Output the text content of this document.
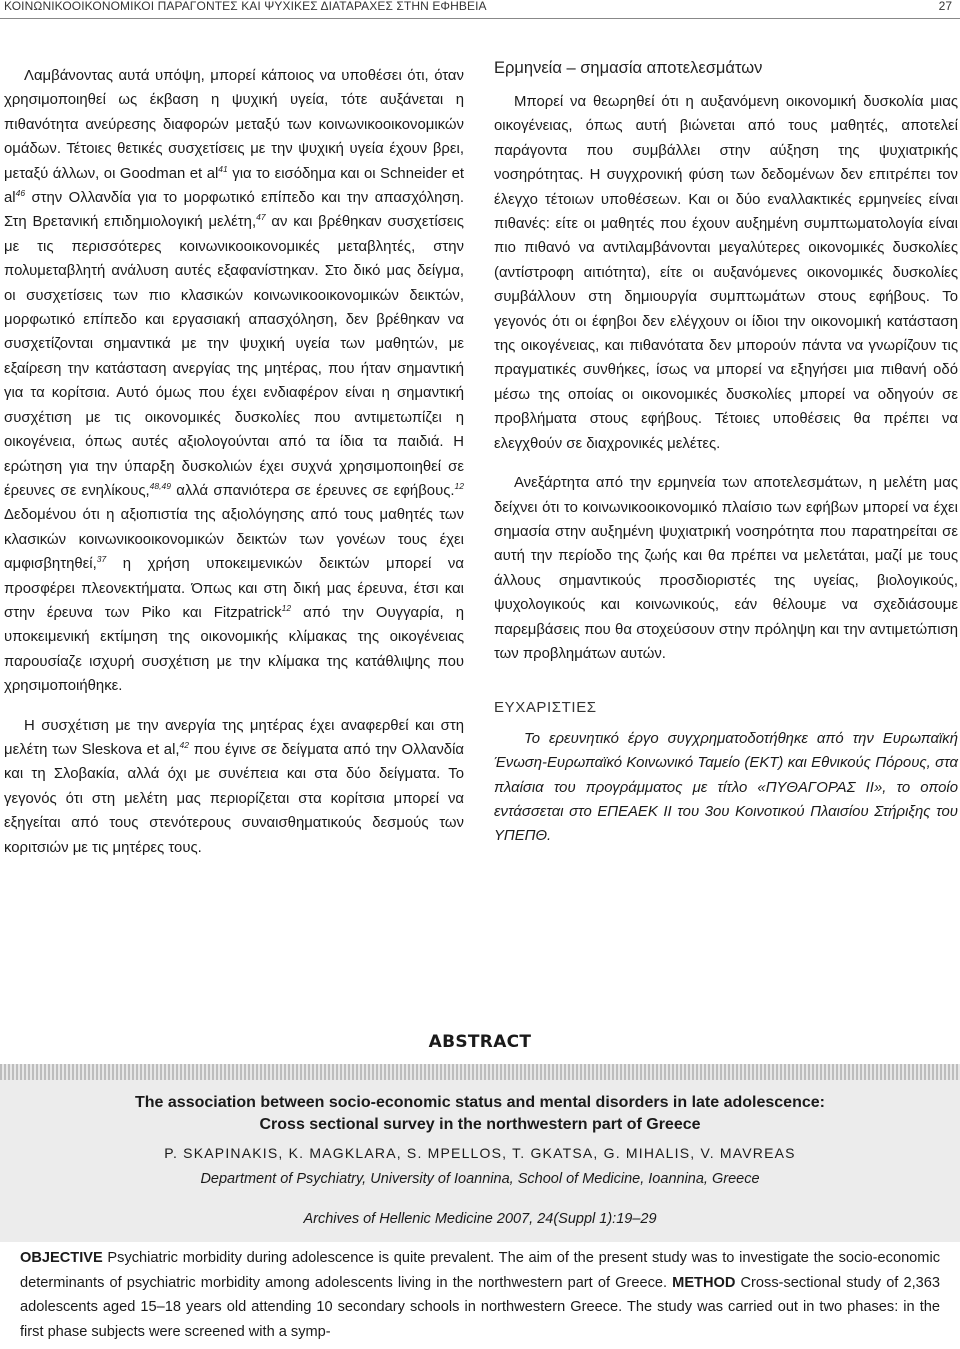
ΚΟΙΝΩΝΙΚΟΟΙΚΟΝΟΜΙΚΟΙ ΠΑΡΑΓΟΝΤΕΣ ΚΑΙ ΨΥΧΙΚΕΣ ΔΙΑΤΑΡΑΧΕΣ ΣΤΗΝ ΕΦΗΒΕΙΑ	27

Λαμβάνοντας αυτά υπόψη, μπορεί κάποιος να υποθέσει ότι, όταν χρησιμοποιηθεί ως έκβαση η ψυχική υγεία, τότε αυξάνεται η πιθανότητα ανεύρεσης διαφορών μεταξύ των κοινωνικοοικονομικών ομάδων. Τέτοιες θετικές συσχετίσεις με την ψυχική υγεία έχουν βρει, μεταξύ άλλων, οι Goodman et $al^{41}$ για το εισόδημα και οι Schneider et $al^{46}$ στην Ολλανδία για το μορφωτικό επίπεδο και την απασχόληση. Στη Βρετανική επιδημιολογική μελέτη,$^{47}$ αν και βρέθηκαν συσχετίσεις με τις περισσότερες κοινωνικοοικονομικές μεταβλητές, στην πολυμεταβλητή ανάλυση αυτές εξαφανίστηκαν. Στο δικό μας δείγμα, οι συσχετίσεις των πιο κλασικών κοινωνικοοικονομικών δεικτών, μορφωτικό επίπεδο και εργασιακή απασχόληση, δεν βρέθηκαν να συσχετίζονται σημαντικά με την ψυχική υγεία των μαθητών, με εξαίρεση την κατάσταση ανεργίας της μητέρας, που ήταν σημαντική για τα κορίτσια. Αυτό όμως που έχει ενδιαφέρον είναι η σημαντική συσχέτιση με τις οικονομικές δυσκολίες που αντιμετωπίζει η οικογένεια, όπως αυτές αξιολογούνται από τα ίδια τα παιδιά. Η ερώτηση για την ύπαρξη δυσκολιών έχει συχνά χρησιμοποιηθεί σε έρευνες σε ενηλίκους,$^{48,49}$ αλλά σπανιότερα σε έρευνες σε εφήβους.$^{12}$ Δεδομένου ότι η αξιοπιστία της αξιολόγησης από τους μαθητές των κλασικών κοινωνικοοικονομικών δεικτών των γονέων τους έχει αμφισβητηθεί,$^{37}$ η χρήση υποκειμενικών δεικτών μπορεί να προσφέρει πλεονεκτήματα. Όπως και στη δική μας έρευνα, έτσι και στην έρευνα των Piko και Fitzpatrick$^{12}$ από την Ουγγαρία, η υποκειμενική εκτίμηση της οικονομικής κλίμακας της οικογένειας παρουσίαζε ισχυρή συσχέτιση με την κλίμακα της κατάθλιψης που χρησιμοποιήθηκε.

Η συσχέτιση με την ανεργία της μητέρας έχει αναφερθεί και στη μελέτη των Sleskova et al,$^{42}$ που έγινε σε δείγματα από την Ολλανδία και τη Σλοβακία, αλλά όχι με συνέπεια και στα δύο δείγματα. Το γεγονός ότι στη μελέτη μας περιορίζεται στα κορίτσια μπορεί να εξηγείται από τους στενότερους συναισθηματικούς δεσμούς των κοριτσιών με τις μητέρες τους.

Ερμηνεία – σημασία αποτελεσμάτων

Μπορεί να θεωρηθεί ότι η αυξανόμενη οικονομική δυσκολία μιας οικογένειας, όπως αυτή βιώνεται από τους μαθητές, αποτελεί παράγοντα που συμβάλλει στην αύξηση της ψυχιατρικής νοσηρότητας. Η συγχρονική φύση των δεδομένων δεν επιτρέπει τον έλεγχο τέτοιων υποθέσεων. Και οι δύο εναλλακτικές ερμηνείες είναι πιθανές: είτε οι μαθητές που έχουν αυξημένη συμπτωματολογία είναι πιο πιθανό να αντιλαμβάνονται μεγαλύτερες οικονομικές δυσκολίες (αντίστροφη αιτιότητα), είτε οι αυξανόμενες οικονομικές δυσκολίες συμβάλλουν στη δημιουργία συμπτωμάτων στους εφήβους. Το γεγονός ότι οι έφηβοι δεν ελέγχουν οι ίδιοι την οικονομική κατάσταση της οικογένειας, και πιθανότατα δεν μπορούν πάντα να γνωρίζουν τις πραγματικές συνθήκες, ίσως να μπορεί να εξηγήσει μια πιθανή οδό μέσω της οποίας οι οικονομικές δυσκολίες μπορεί να οδηγούν σε προβλήματα στους εφήβους. Τέτοιες υποθέσεις θα πρέπει να ελεγχθούν σε διαχρονικές μελέτες.

Ανεξάρτητα από την ερμηνεία των αποτελεσμάτων, η μελέτη μας δείχνει ότι το κοινωνικοοικονομικό πλαίσιο των εφήβων μπορεί να έχει σημασία στην αυξημένη ψυχιατρική νοσηρότητα που παρατηρείται σε αυτή την περίοδο της ζωής και θα πρέπει να μελετάται, μαζί με τους άλλους σημαντικούς προσδιοριστές της υγείας, βιολογικούς, ψυχολογικούς και κοινωνικούς, εάν θέλουμε να σχεδιάσουμε παρεμβάσεις που θα στοχεύσουν στην πρόληψη και την αντιμετώπιση των προβλημάτων αυτών.

ΕΥΧΑΡΙΣΤΙΕΣ

Το ερευνητικό έργο συγχρηματοδοτήθηκε από την Ευρωπαϊκή Ένωση-Ευρωπαϊκό Κοινωνικό Ταμείο (ΕΚΤ) και Εθνικούς Πόρους, στα πλαίσια του προγράμματος με τίτλο «ΠΥΘΑΓΟΡΑΣ ΙΙ», το οποίο εντάσσεται στο ΕΠΕΑΕΚ ΙΙ του 3ου Κοινοτικού Πλαισίου Στήριξης του ΥΠΕΠΘ.

ABSTRACT
The association between socio-economic status and mental disorders in late adolescence:
Cross sectional survey in the northwestern part of Greece
P. SKAPINAKIS, K. MAGKLARA, S. MPELLOS, T. GKATSA, G. MIHALIS, V. MAVREAS
Department of Psychiatry, University of Ioannina, School of Medicine, Ioannina, Greece
Archives of Hellenic Medicine 2007, 24(Suppl 1):19–29
OBJECTIVE Psychiatric morbidity during adolescence is quite prevalent. The aim of the present study was to investigate the socio-economic determinants of psychiatric morbidity among adolescents living in the northwestern part of Greece. METHOD Cross-sectional study of 2,363 adolescents aged 15–18 years old attending 10 secondary schools in northwestern Greece. The study was carried out in two phases: in the first phase subjects were screened with a symp-
